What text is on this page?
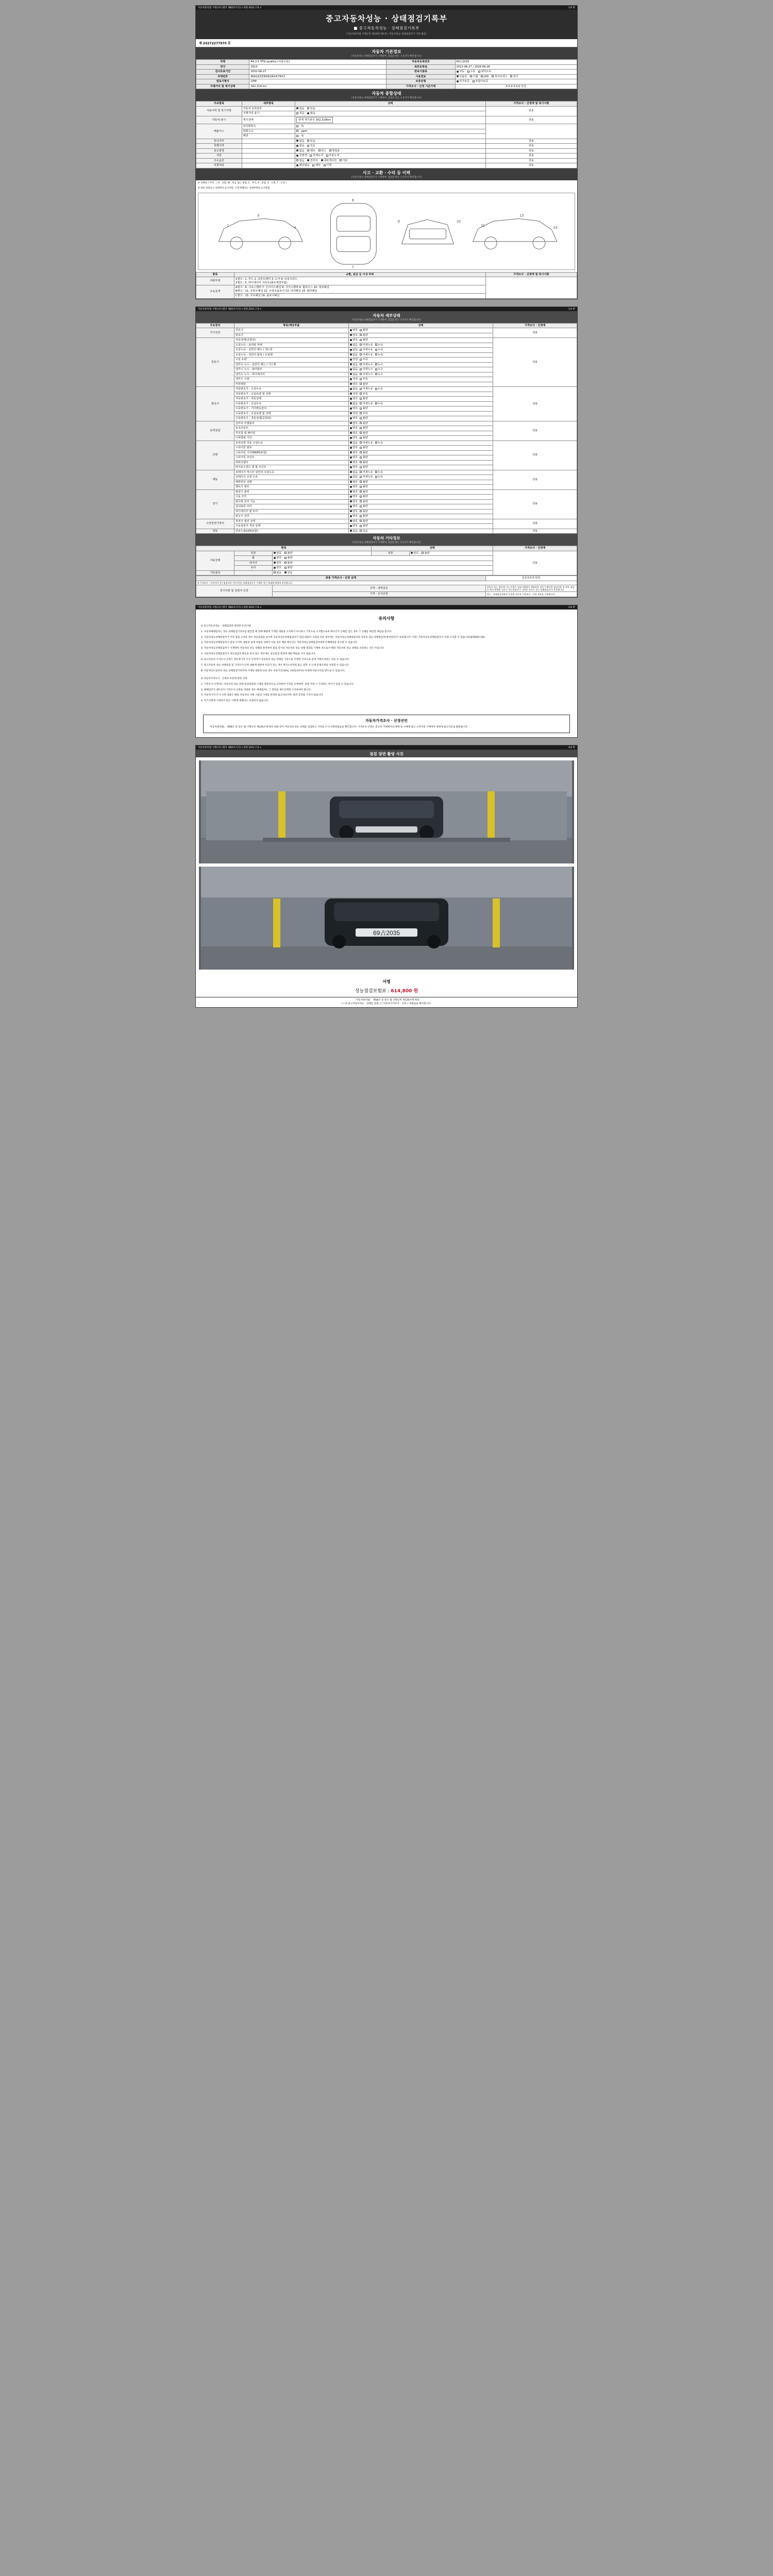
자동차관리법 시행규칙 [별지 제82호서식] <개정 2021.7.6.>	1/4 쪽
중고자동차성능 · 상태점검기록부
■ 중고자동차성능 · 상태점검기록부
(자동차관리법 시행규칙 제120조제1항 / 자동차성능·상태점검자가 기록·발급)
제 25272277975 호
자동차 기본정보
(자동차성능·상태점검자가 기재하며, 점검을 받는 소유자가 확인합니다)
차명	A4 2.0 TFSI quattro (사륜구동)	자동차등록번호	69占2035
연식	2013	최초등록일	2013-06-27 / 2026-06-26
검사유효기간	2032-06-27	변속기종류	자동 수동 세미오토
차대번호	WAUZZZ8K6DA047953	사용연료	가솔린 디젤 LPG 하이브리드 전기
원동기형식	CPM	보증유형	자가보증 보험사보증
주행거리 및 계기상태	162,319 km	가격조사 · 산정 기준가액	0 0 0 0 0 0 만원
자동차 종합상태
(자동차성능·상태점검자가 기재하며, 점검을 받는 소유자가 확인합니다)
주요항목	세부항목	상태	가격조사 · 산정액 및 특기사항
사용이력 및 특기사항	자동차 등록번호	없음 있음	전용
	주행거리 표시	적음 많음	
자동차 표시	계기상태	현재 계기판의 162,319km	전용
배출가스	일산화탄소	%	
	탄화수소	ppm	
	매연	%	
튜닝여부		없음 있음	전용
특별이력		없음 있음	전용
용도변경		없음 렌트 리스 영업용	전용
색상		무변경 전체도색 부분도색	전용
주요옵션		없음 썬루프 내비게이션 기타	전용
리콜대상		해당없음 해당 이행	전용
사고 · 교환 · 수리 등 이력
(자동차성능·상태점검자가 기재하며, 점검을 받는 소유자가 확인합니다)
※ 상태표시 부호 : ( X : 교환, W : 판금 또는 용접, C : 부식, A : 흠집, U : 요철, T : 손상 )
※ 하단 항목표시 상세위치 표기사항, 기재 위해지는 상세부위의 표시방법
1
3
4
6
7
9	10
11
13
14
항목	교환, 판금 등 이상 부위	가격조사 · 산정액 및 특기사항
외판부위	1랭크 : 1. 후드 2. 프론트팬더 3. 도어 4. 트렁크리드
2랭크 : 5. 라디에이터 서포트(볼트체결부품)	

주요골격	A랭크 : 6. 크로스멤버 7. 인사이드패널 8. 사이드멤버 9. 휠하우스 10. 대쉬패널
B랭크 : 11. 프론트패널 12. 트렁크플로어 13. 리어패널 14. 필러패널	

	C랭크 : 15. 루프패널 16. 플로어패널	
자동차관리법 시행규칙 [별지 제82호서식] <개정 2021.7.6.>	1/4 쪽
자동차 세부상태
(자동차성능·상태점검자가 기재하며, 점검을 받는 소유자가 확인합니다)
주요장치	항목/해당부품	상태	가격조사 · 산정액
자기진단	원동기	양호 불량	전용
	변속기	양호 불량	
원동기	작동상태(공회전)	양호 불량	전용
	오일누유 - 로커암 커버	없음 미세누유 누유	
	오일누유 - 실린더 헤드 / 개스킷	없음 미세누유 누유	
	오일누유 - 실린더 블록 / 오일팬	없음 미세누유 누유	
	오일 유량	적정 부족	
	냉각수 누수 - 실린더 헤드 / 가스켓	없음 미세누수 누수	
	냉각수 누수 - 워터펌프	없음 미세누수 누수	
	냉각수 누수 - 라디에이터	없음 미세누수 누수	
	냉각수 수량	적정 부족	
	커먼레일	양호 불량	
변속기	자동변속기 - 오일누유	없음 미세누유 누유	전용
	자동변속기 - 오일유량 및 상태	적정 부족	
	자동변속기 - 작동상태	양호 불량	
	수동변속기 - 오일누유	없음 미세누유 누유	
	수동변속기 - 기어변속장치	양호 불량	
	수동변속기 - 오일유량 및 상태	적정 부족	
	수동변속기 - 작동상태(공회전)	양호 불량	
동력전달	클러치 어셈블리	양호 불량	전용
	등속조인트	양호 불량	
	추진축 및 베어링	양호 불량	
	디퍼렌셜 기어	양호 불량	
조향	동력조향 작동 오일누유	없음 미세누유 누유	전용
	스티어링 펌프	양호 불량	
	스티어링 기어(MDPS포함)	양호 불량	
	스티어링 조인트	양호 불량	
	파워크랭크	양호 불량	
	타이로드엔드 및 볼 조인트	양호 불량	
제동	브레이크 마스터 실린더 오일누유	없음 미세누유 누유	전용
	브레이크 오일 누유	없음 미세누유 누유	
	배력장치 상태	양호 불량	
	밸브기 펌프	양호 불량	
전기	발전기 출력	양호 불량	전용
	시동 모터	양호 불량	
	와이퍼 모터 기능	양호 불량	
	실내송풍 모터	양호 불량	
	라디에이터 팬 모터	양호 불량	
	윈도우 모터	양호 불량	
고전원전기장치	충전구 절연 상태	양호 불량	전용
	구동축전지 격리 상태	양호 불량	
연료	연료누출(LPG포함)	없음 있음	전용
자동차 기타정보
(자동차성능·상태점검자가 기재하며, 점검을 받는 소유자가 확인합니다)
항목			상태		가격조사 · 산정액
사용상태	외장	양호 불량	내장	양호 불량	전용
	휠	양호 불량			
	타이어	양호 불량			
	유리	양호 불량			
기본품목		없음 있음			
최종 가격조사 · 산정 금액		0 0 0 0 0 만원
※ 가격조사 · 산정자의 성능점검자의 자동차성능상태점검자가 기재한 성능·상태에 대하여 보증합니다.		
특기사항 및 점검자 의견	금액 · 내역검증	비용이 있는 항목에 기능·비용은 점검시행에서 제외하여 검사가 확인한 점검사항 및 외부 점검 등 에서 발생한 것으로 성능점검자가 기록한 것으로 성능·상태점검자가 보증합니다.
	가격 · 조사산정	성능 · 상태점검내용과 동일한 자동차 가격조사 · 산정 결과를 기재합니다.
자동차관리법 시행규칙 [별지 제82호서식] <개정 2021.7.6.>	2/4 쪽
유의사항

※ 중고자동차성능 · 상태점검과 관련한 유의사항

1. 자동차매매업자는 성능·상태점검기록부를 발급할 때 상태 해당에 기재된 내용을 고지하기 아니하고 거짓으로 고지했으로써 매수인이 손해를 입은 경우 그 손해를 배상할 책임을 집니다.

2. 자동차성능상태점검자가 거짓 점검 고지한 경우 성능점검을 실시한 자동차성능상태점검자가 점검 내용이 사실과 다른 경우에는 자동차성능상태점검자의 자동차 성능·상태점검자(정비업자)가 보증합니다. 다만, 자동차성능상태점검자가 직접 고지할 수 있습니다(법제58조의6).

3. 자동차성능상태점검자가 점검·고지한 내용과 실제 차량의 상태가 다를 경우 해당 매수인은 자동차성능상태점검자에게 손해배상을 청구할 수 있습니다.

4. 자동차성능상태점검자가 기재하여 자동차의 성능 상태와 관련하여 점검 당시의 자동차의 성능·상태 결과를 기재한 것으로서 해당 자동차의 성능·상태를 보증하는 것은 아닙니다.

5. 자동차성능상태점검자가 성능점검의 확인을 하지 않은 경우에는 성능점검 결과에 대한 책임을 지지 않습니다.

6. 중고자동차 가격조사·산정은 자동차가격 조사·산정자가 자동차의 성능·상태를 기준으로 산정한 가격으로 실제 거래가격과는 다를 수 있습니다.

7. 중고자동차 성능·상태점검 및 가격조사·산정 내용에 대하여 이의가 있는 경우 한국소비자원 또는 관할 시·도에 분쟁조정을 신청할 수 있습니다.

8. 자동차인도일부터 성능·상태점검기록부에 기재된 내용과 다른 경우 보증기간(30일, 2천킬로미터) 이내에 보증수리를 받으실 수 있습니다.

※ 자동차가격조사 · 산정의 보증에 관한 사항

1. 가격조사·산정자는 자동차의 성능·상태 점검결과와 시세를 종합적으로 고려하여 가격을 산정하며, 실제 거래 시 가격과는 차이가 있을 수 있습니다.

2. 매매업자가 매수인이 가격조사·산정을 의뢰한 경우 매매업자는 그 결과를 매수인에게 고지하여야 합니다.

3. 자동차가격 조사·산정 내용은 해당 자동차의 거래 시점의 시세를 반영한 참고자료이며, 법적 효력을 가지지 않습니다.

4. 특기사항에 기재되지 않은 사항에 대해서는 보증하지 않습니다.

자동차가격조사 · 산정선언
「자동차관리법」 제58조 및 같은 법 시행규칙 제120조에 따라 위와 같이 자동차의 성능·상태를 점검하고 가격을 조사·산정하였음을 확인합니다. 가격조사·산정은 중고차 거래에서의 판매 및 구매에 참고 소비자의 구매여부 결정에 참고자료로 활용됩니다.
자동차관리법 시행규칙 [별지 제82호서식] <개정 2021.7.6.>	4/4 쪽
점검 장면 촬영 사진
69占2035
서명
성능점검보험료 : 614,800 원
「자동차관리법」 제58조 및 같은 법 시행규칙 제120조에 따라
[ ] 위 중고자동차성능 · 상태를 점검, [ ] 자동차가격조사 · 산정 } 하였음을 확인합니다.
